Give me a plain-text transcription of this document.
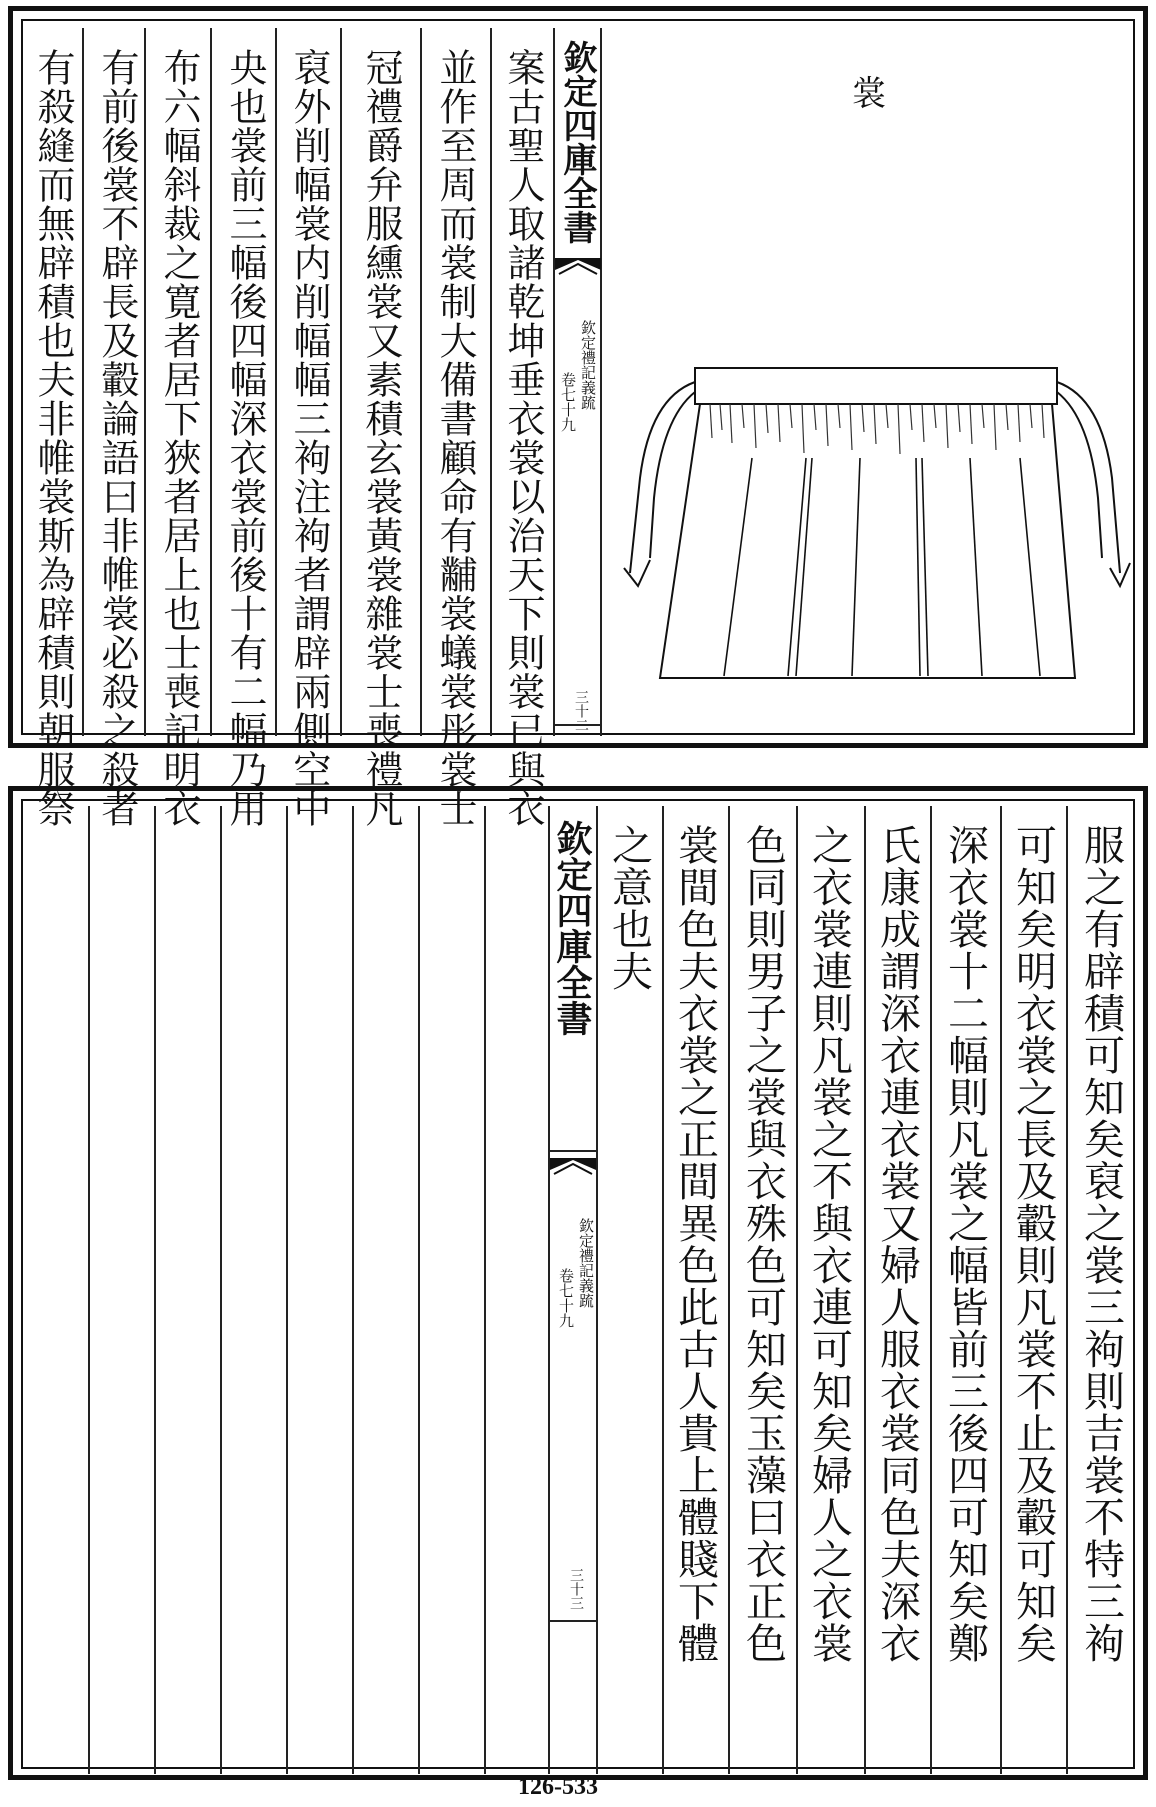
案古聖人取諸乾坤垂衣裳以治天下則裳已與衣
並作至周而裳制大備書顧命有黼裳蟻裳彤裳士
冠禮爵弁服纁裳又素積玄裳黃裳雜裳士喪禮凡
裒外削幅裳内削幅幅三袧注袧者謂辟兩側空中
央也裳前三幅後四幅深衣裳前後十有二幅乃用
布六幅斜裁之寛者居下狹者居上也士喪記明衣
有前後裳不辟長及轂論語曰非帷裳必殺之殺者
有殺縫而無辟積也夫非帷裳斯為辟積則朝服祭	欽定四庫全書
欽定禮記義䟽
卷七十九
三十二
裳
服之有辟積可知矣裒之裳三袧則吉裳不特三袧
可知矣明衣裳之長及轂則凡裳不止及轂可知矣
深衣裳十二幅則凡裳之幅皆前三後四可知矣鄭
氏康成謂深衣連衣裳又婦人服衣裳同色夫深衣
之衣裳連則凡裳之不與衣連可知矣婦人之衣裳
色同則男子之裳與衣殊色可知矣玉藻曰衣正色
裳間色夫衣裳之正間異色此古人貴上體賤下體
之意也夫
欽定四庫全書
欽定禮記義䟽
卷七十九
三十三
126-533
